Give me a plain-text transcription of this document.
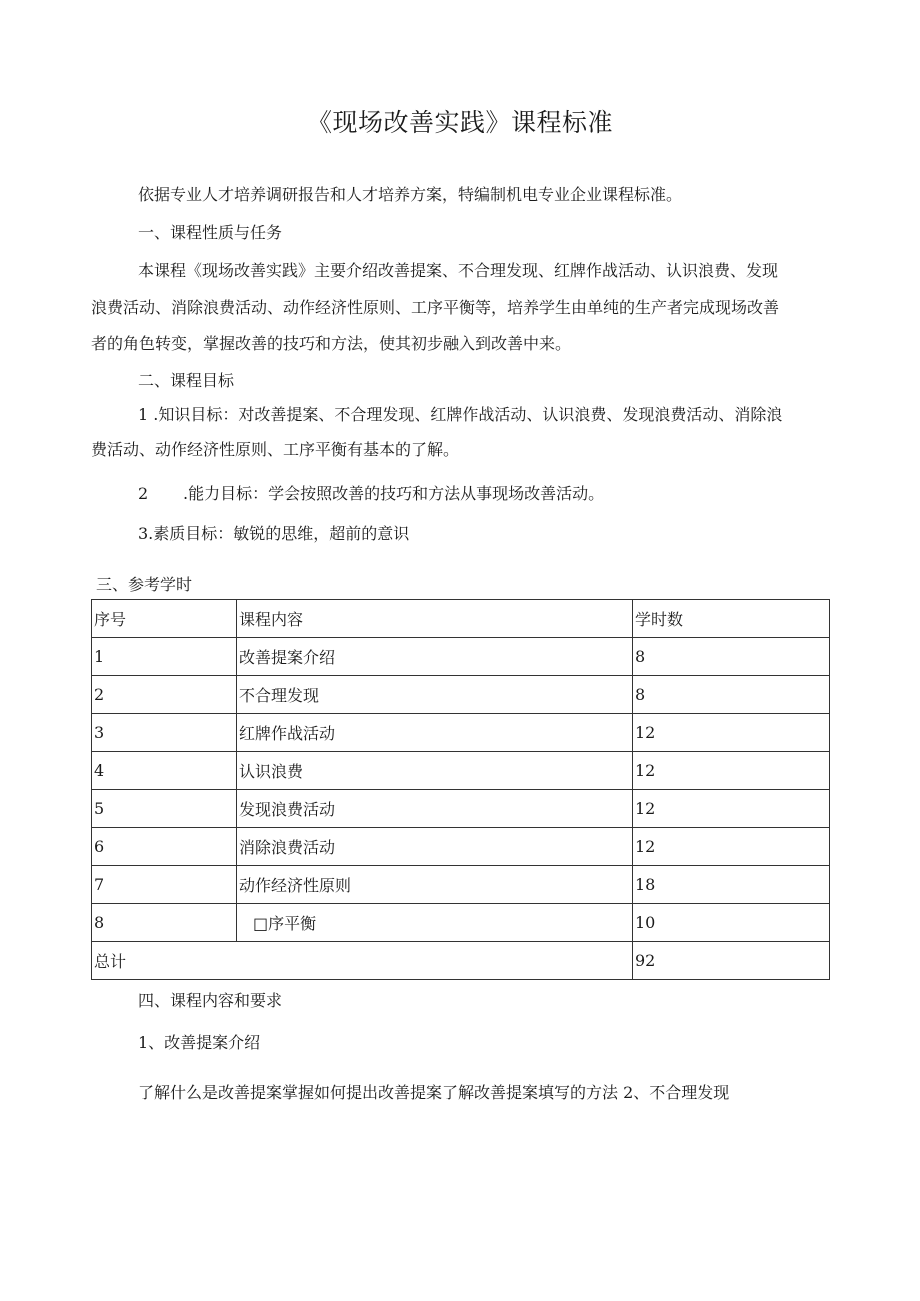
《现场改善实践》课程标准
依据专业人才培养调研报告和人才培养方案，特编制机电专业企业课程标准。
一、课程性质与任务
本课程《现场改善实践》主要介绍改善提案、不合理发现、红牌作战活动、认识浪费、发现
浪费活动、消除浪费活动、动作经济性原则、工序平衡等，培养学生由单纯的生产者完成现场改善
者的角色转变，掌握改善的技巧和方法，使其初步融入到改善中来。
二、课程目标
1 .知识目标：对改善提案、不合理发现、红牌作战活动、认识浪费、发现浪费活动、消除浪
费活动、动作经济性原则、工序平衡有基本的了解。
2 .能力目标：学会按照改善的技巧和方法从事现场改善活动。
3.素质目标：敏锐的思维，超前的意识
三、参考学时
序号	课程内容	学时数
1	改善提案介绍	8
2	不合理发现	8
3	红牌作战活动	12
4	认识浪费	12
5	发现浪费活动	12
6	消除浪费活动	12
7	动作经济性原则	18
8	□序平衡	10
总计		92
四、课程内容和要求
1、改善提案介绍
了解什么是改善提案掌握如何提出改善提案了解改善提案填写的方法 2、不合理发现
